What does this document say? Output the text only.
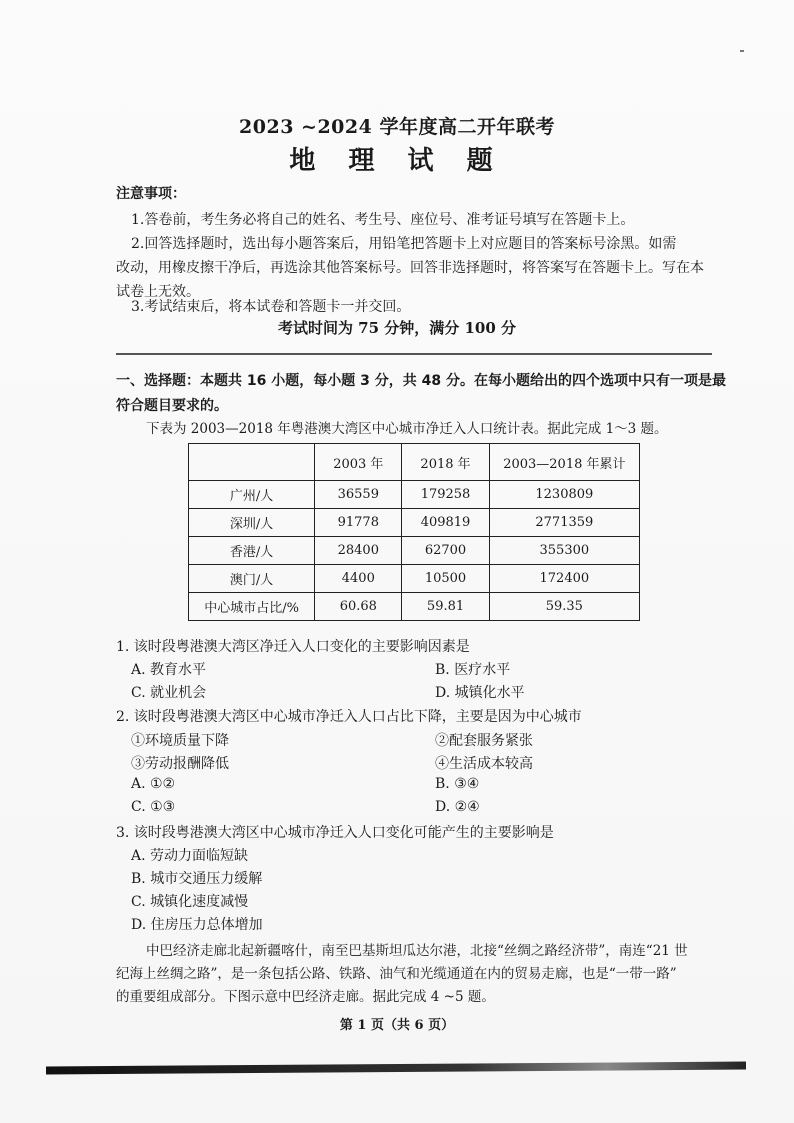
2023 ~2024 学年度高二开年联考
地 理 试 题
注意事项：
1.答卷前，考生务必将自己的姓名、考生号、座位号、准考证号填写在答题卡上。
2.回答选择题时，选出每小题答案后，用铅笔把答题卡上对应题目的答案标号涂黑。如需
改动，用橡皮擦干净后，再选涂其他答案标号。回答非选择题时，将答案写在答题卡上。写在本
试卷上无效。
3.考试结束后，将本试卷和答题卡一并交回。
考试时间为 75 分钟，满分 100 分
一、选择题：本题共 16 小题，每小题 3 分，共 48 分。在每小题给出的四个选项中只有一项是最
符合题目要求的。
下表为 2003—2018 年粤港澳大湾区中心城市净迁入人口统计表。据此完成 1～3 题。
	2003 年	2018 年	2003—2018 年累计
广州/人	36559	179258	1230809
深圳/人	91778	409819	2771359
香港/人	28400	62700	355300
澳门/人	4400	10500	172400
中心城市占比/%	60.68	59.81	59.35
1. 该时段粤港澳大湾区净迁入人口变化的主要影响因素是
A. 教育水平	B. 医疗水平
C. 就业机会	D. 城镇化水平
2. 该时段粤港澳大湾区中心城市净迁入人口占比下降，主要是因为中心城市
①环境质量下降	②配套服务紧张
③劳动报酬降低	④生活成本较高
A. ①②	B. ③④
C. ①③	D. ②④
3. 该时段粤港澳大湾区中心城市净迁入人口变化可能产生的主要影响是
A. 劳动力面临短缺
B. 城市交通压力缓解
C. 城镇化速度减慢
D. 住房压力总体增加
中巴经济走廊北起新疆喀什，南至巴基斯坦瓜达尔港，北接“丝绸之路经济带”，南连“21 世
纪海上丝绸之路”，是一条包括公路、铁路、油气和光缆通道在内的贸易走廊，也是“一带一路”
的重要组成部分。下图示意中巴经济走廊。据此完成 4 ~5 题。
第 1 页（共 6 页）
